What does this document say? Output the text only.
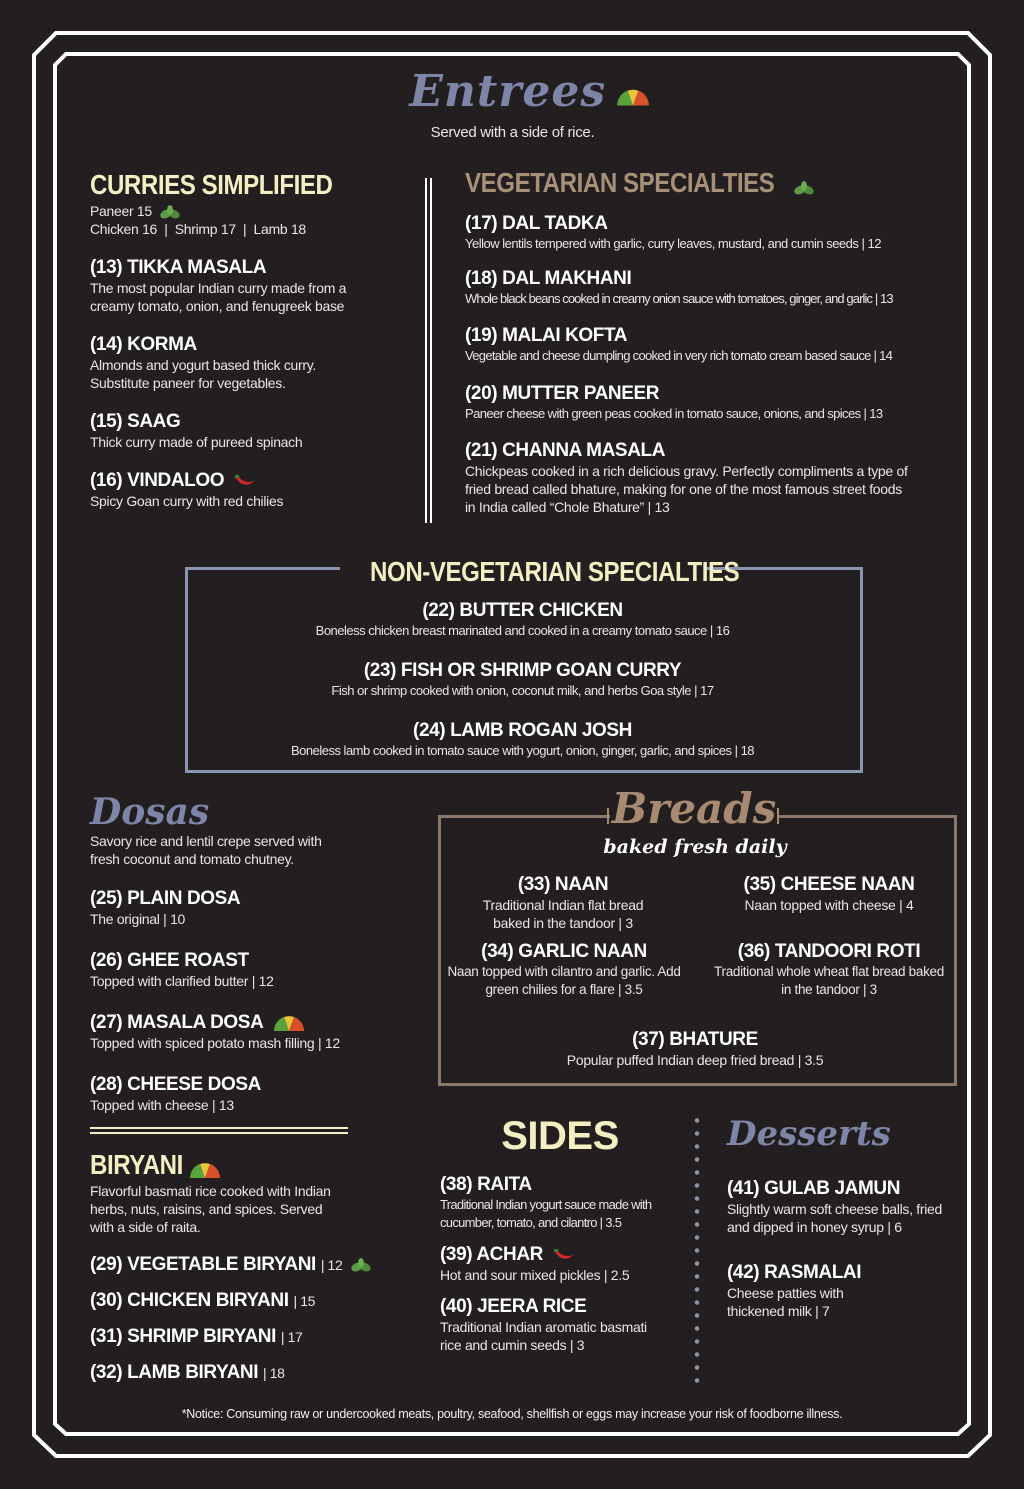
Entrees
Served with a side of rice.
CURRIES SIMPLIFIED
Paneer 15
Chicken 16  |  Shrimp 17  |  Lamb 18
(13) TIKKA MASALA
The most popular Indian curry made from a creamy tomato, onion, and fenugreek base
(14) KORMA
Almonds and yogurt based thick curry. Substitute paneer for vegetables.
(15) SAAG
Thick curry made of pureed spinach
(16) VINDALOO
Spicy Goan curry with red chilies
VEGETARIAN SPECIALTIES
(17) DAL TADKA
Yellow lentils tempered with garlic, curry leaves, mustard, and cumin seeds | 12
(18) DAL MAKHANI
Whole black beans cooked in creamy onion sauce with tomatoes, ginger, and garlic | 13
(19) MALAI KOFTA
Vegetable and cheese dumpling cooked in very rich tomato cream based sauce | 14
(20) MUTTER PANEER
Paneer cheese with green peas cooked in tomato sauce, onions, and spices | 13
(21) CHANNA MASALA
Chickpeas cooked in a rich delicious gravy. Perfectly compliments a type of fried bread called bhature, making for one of the most famous street foods in India called “Chole Bhature” | 13
NON-VEGETARIAN SPECIALTIES
(22) BUTTER CHICKEN
Boneless chicken breast marinated and cooked in a creamy tomato sauce | 16
(23) FISH OR SHRIMP GOAN CURRY
Fish or shrimp cooked with onion, coconut milk, and herbs Goa style | 17
(24) LAMB ROGAN JOSH
Boneless lamb cooked in tomato sauce with yogurt, onion, ginger, garlic, and spices | 18
Dosas
Savory rice and lentil crepe served with fresh coconut and tomato chutney.
(25) PLAIN DOSA
The original | 10
(26) GHEE ROAST
Topped with clarified butter | 12
(27) MASALA DOSA
Topped with spiced potato mash filling | 12
(28) CHEESE DOSA
Topped with cheese | 13
BIRYANI
Flavorful basmati rice cooked with Indian herbs, nuts, raisins, and spices. Served with a side of raita.
(29) VEGETABLE BIRYANI | 12
(30) CHICKEN BIRYANI | 15
(31) SHRIMP BIRYANI | 17
(32) LAMB BIRYANI | 18
Breads
baked fresh daily
(33) NAAN
Traditional Indian flat bread baked in the tandoor | 3
(35) CHEESE NAAN
Naan topped with cheese | 4
(34) GARLIC NAAN
Naan topped with cilantro and garlic. Add green chilies for a flare | 3.5
(36) TANDOORI ROTI
Traditional whole wheat flat bread baked in the tandoor | 3
(37) BHATURE
Popular puffed Indian deep fried bread | 3.5
SIDES
(38) RAITA
Traditional Indian yogurt sauce made with cucumber, tomato, and cilantro | 3.5
(39) ACHAR
Hot and sour mixed pickles | 2.5
(40) JEERA RICE
Traditional Indian aromatic basmati rice and cumin seeds | 3
Desserts
(41) GULAB JAMUN
Slightly warm soft cheese balls, fried and dipped in honey syrup | 6
(42) RASMALAI
Cheese patties with thickened milk | 7
*Notice: Consuming raw or undercooked meats, poultry, seafood, shellfish or eggs may increase your risk of foodborne illness.
